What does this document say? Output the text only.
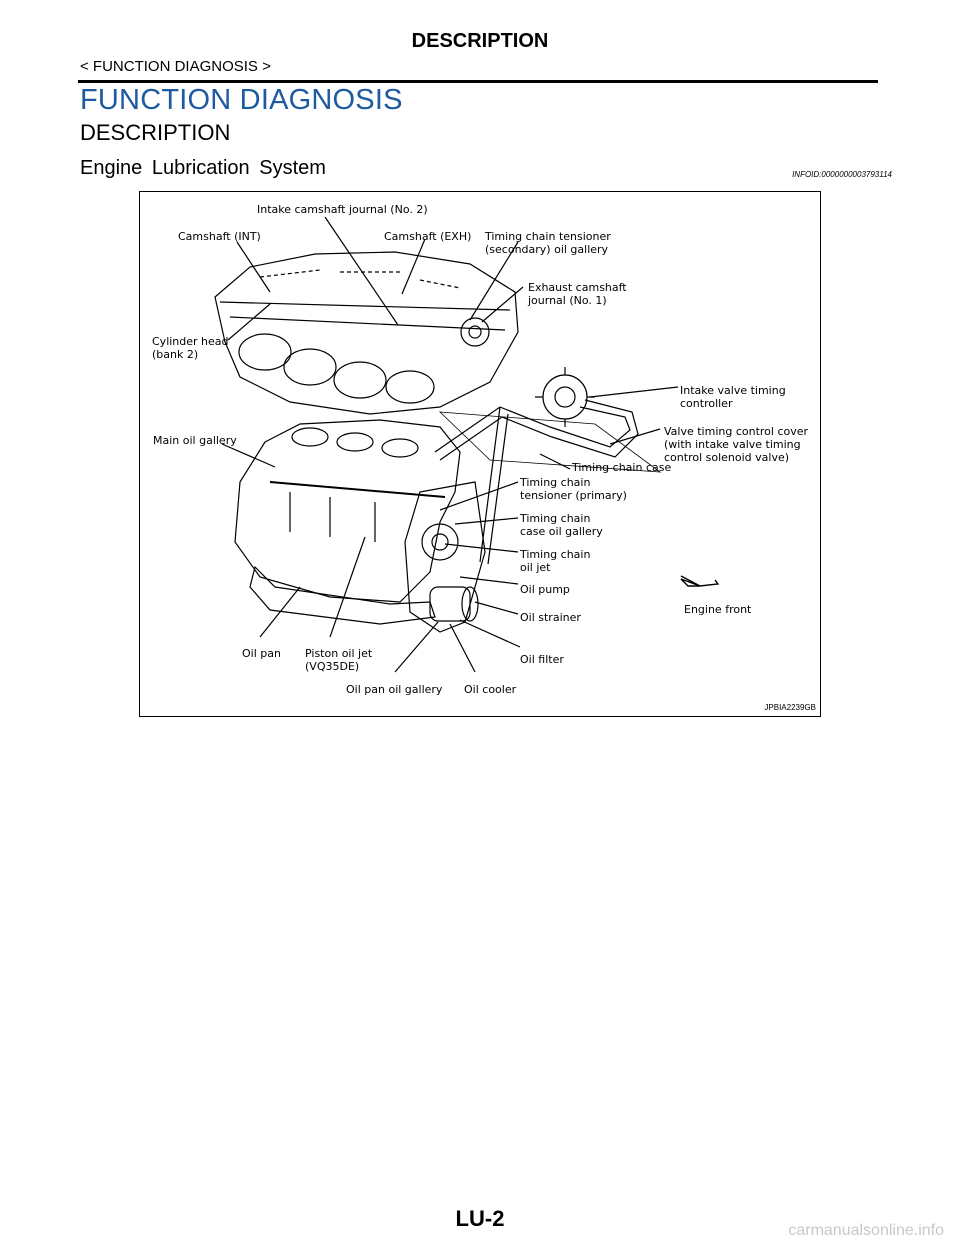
DESCRIPTION
< FUNCTION DIAGNOSIS >
FUNCTION DIAGNOSIS
DESCRIPTION
Engine Lubrication System	INFOID:0000000003793114
Intake camshaft journal (No. 2)
Camshaft (INT)	Camshaft (EXH) Timing chain tensioner
(secondary) oil gallery
Exhaust camshaft
journal (No. 1)
Cylinder head
(bank 2)
Intake valve timing
controller
Valve timing control cover
(with intake valve timing
control solenoid valve)
Main oil gallery
Timing chain case
Timing chain
tensioner (primary)
Timing chain
case oil gallery
Timing chain
oil jet
Oil pump
Engine front
Oil strainer
Oil pan Piston oil jet
(VQ35DE)
Oil filter
Oil pan oil gallery Oil cooler
JPBIA2239GB
LU-2	carmanualsonline.info
